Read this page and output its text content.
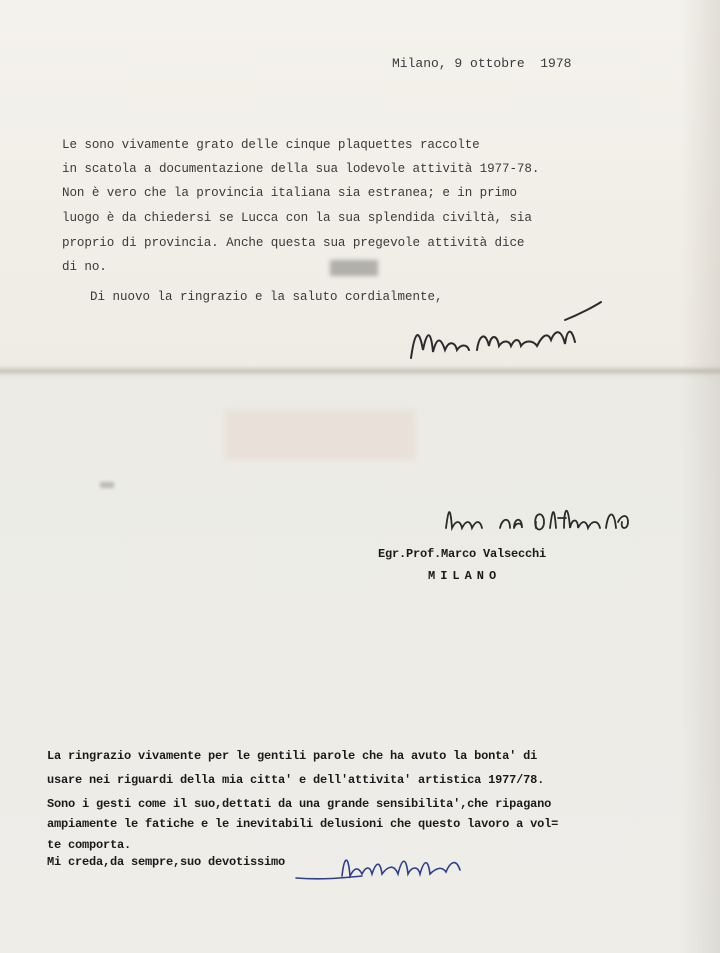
Milano, 9 ottobre  1978
Le sono vivamente grato delle cinque plaquettes raccolte
in scatola a documentazione della sua lodevole attività 1977-78.
Non è vero che la provincia italiana sia estranea; e in primo
luogo è da chiedersi se Lucca con la sua splendida civiltà, sia
proprio di provincia. Anche questa sua pregevole attività dice
di no.
Di nuovo la ringrazio e la saluto cordialmente,
Egr.Prof.Marco Valsecchi
MILANO
La ringrazio vivamente per le gentili parole che ha avuto la bonta' di
usare nei riguardi della mia citta' e dell'attivita' artistica 1977/78.
Sono i gesti come il suo,dettati da una grande sensibilita',che ripagano
ampiamente le fatiche e le inevitabili delusioni che questo lavoro a vol=
te comporta.
Mi creda,da sempre,suo devotissimo
